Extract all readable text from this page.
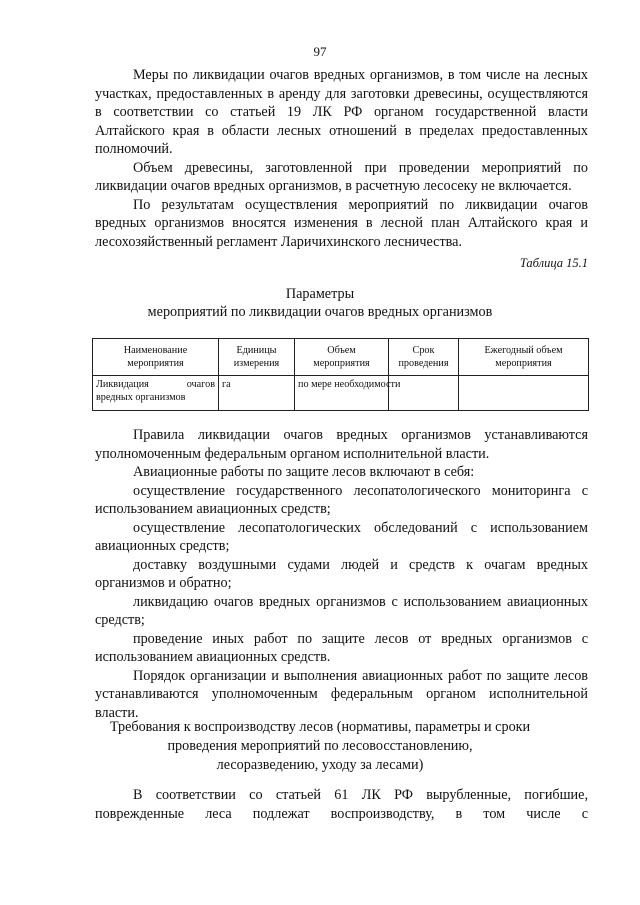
97

Меры по ликвидации очагов вредных организмов, в том числе на лесных участках, предоставленных в аренду для заготовки древесины, осуществляются в соответствии со статьей 19 ЛК РФ органом государственной власти Алтайского края в области лесных отношений в пределах предоставленных полномочий.

Объем древесины, заготовленной при проведении мероприятий по ликвидации очагов вредных организмов, в расчетную лесосеку не включается.

По результатам осуществления мероприятий по ликвидации очагов вредных организмов вносятся изменения в лесной план Алтайского края и лесохозяйственный регламент Ларичихинского лесничества.

Таблица 15.1
Параметры
мероприятий по ликвидации очагов вредных организмов
Наименование мероприятия	Единицы измерения	Объем мероприятия	Срок проведения	Ежегодный объем мероприятия
Ликвидация очагов вредных организмов	га	по мере необходимости		

Правила ликвидации очагов вредных организмов устанавливаются уполномоченным федеральным органом исполнительной власти.

Авиационные работы по защите лесов включают в себя:

осуществление государственного лесопатологического мониторинга с использованием авиационных средств;

осуществление лесопатологических обследований с использованием авиационных средств;

доставку воздушными судами людей и средств к очагам вредных организмов и обратно;

ликвидацию очагов вредных организмов с использованием авиационных средств;

проведение иных работ по защите лесов от вредных организмов с использованием авиационных средств.

Порядок организации и выполнения авиационных работ по защите лесов устанавливаются уполномоченным федеральным органом исполнительной власти.

Требования к воспроизводству лесов (нормативы, параметры и сроки
проведения мероприятий по лесовосстановлению,
лесоразведению, уходу за лесами)

В соответствии со статьей 61 ЛК РФ вырубленные, погибшие, поврежденные леса подлежат воспроизводству, в том числе с
